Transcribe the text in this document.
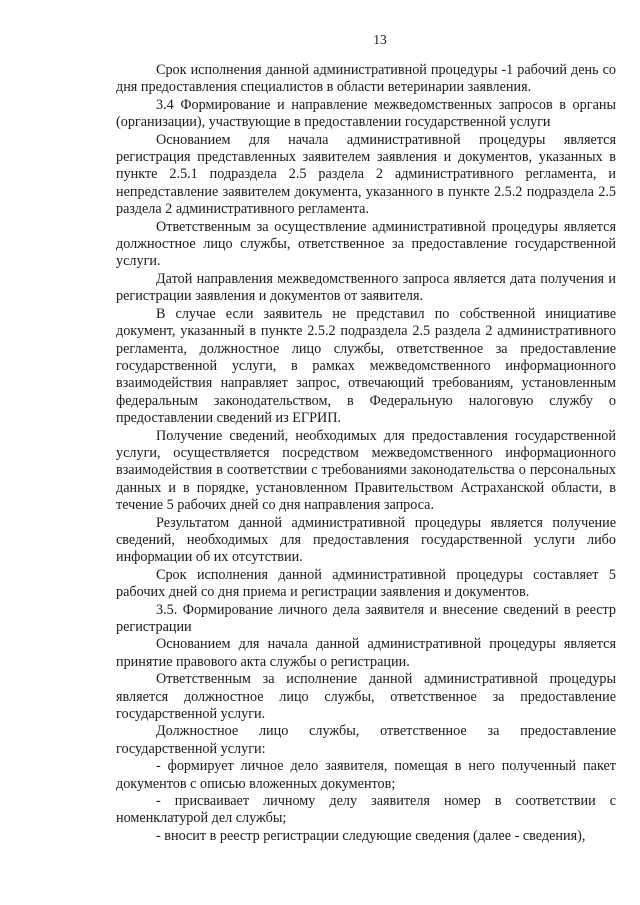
13

Срок исполнения данной административной процедуры -1 рабочий день со дня предоставления специалистов в области ветеринарии заявления.

3.4 Формирование и направление межведомственных запросов в органы (организации), участвующие в предоставлении государственной услуги

Основанием для начала административной процедуры является регистрация представленных заявителем заявления и документов, указанных в пункте 2.5.1 подраздела 2.5 раздела 2 административного регламента, и непредставление заявителем документа, указанного в пункте 2.5.2 подраздела 2.5 раздела 2 административного регламента.

Ответственным за осуществление административной процедуры является должностное лицо службы, ответственное за предоставление государственной услуги.

Датой направления межведомственного запроса является дата получения и регистрации заявления и документов от заявителя.

В случае если заявитель не представил по собственной инициативе документ, указанный в пункте 2.5.2 подраздела 2.5 раздела 2 административного регламента, должностное лицо службы, ответственное за предоставление государственной услуги, в рамках межведомственного информационного взаимодействия направляет запрос, отвечающий требованиям, установленным федеральным законодательством, в Федеральную налоговую службу о предоставлении сведений из ЕГРИП.

Получение сведений, необходимых для предоставления государственной услуги, осуществляется посредством межведомственного информационного взаимодействия в соответствии с требованиями законодательства о персональных данных и в порядке, установленном Правительством Астраханской области, в течение 5 рабочих дней со дня направления запроса.

Результатом данной административной процедуры является получение сведений, необходимых для предоставления государственной услуги либо информации об их отсутствии.

Срок исполнения данной административной процедуры составляет 5 рабочих дней со дня приема и регистрации заявления и документов.

3.5. Формирование личного дела заявителя и внесение сведений в реестр регистрации

Основанием для начала данной административной процедуры является принятие правового акта службы о регистрации.

Ответственным за исполнение данной административной процедуры является должностное лицо службы, ответственное за предоставление государственной услуги.

Должностное лицо службы, ответственное за предоставление государственной услуги:

- формирует личное дело заявителя, помещая в него полученный пакет документов с описью вложенных документов;

- присваивает личному делу заявителя номер в соответствии с номенклатурой дел службы;

- вносит в реестр регистрации следующие сведения (далее - сведения),
